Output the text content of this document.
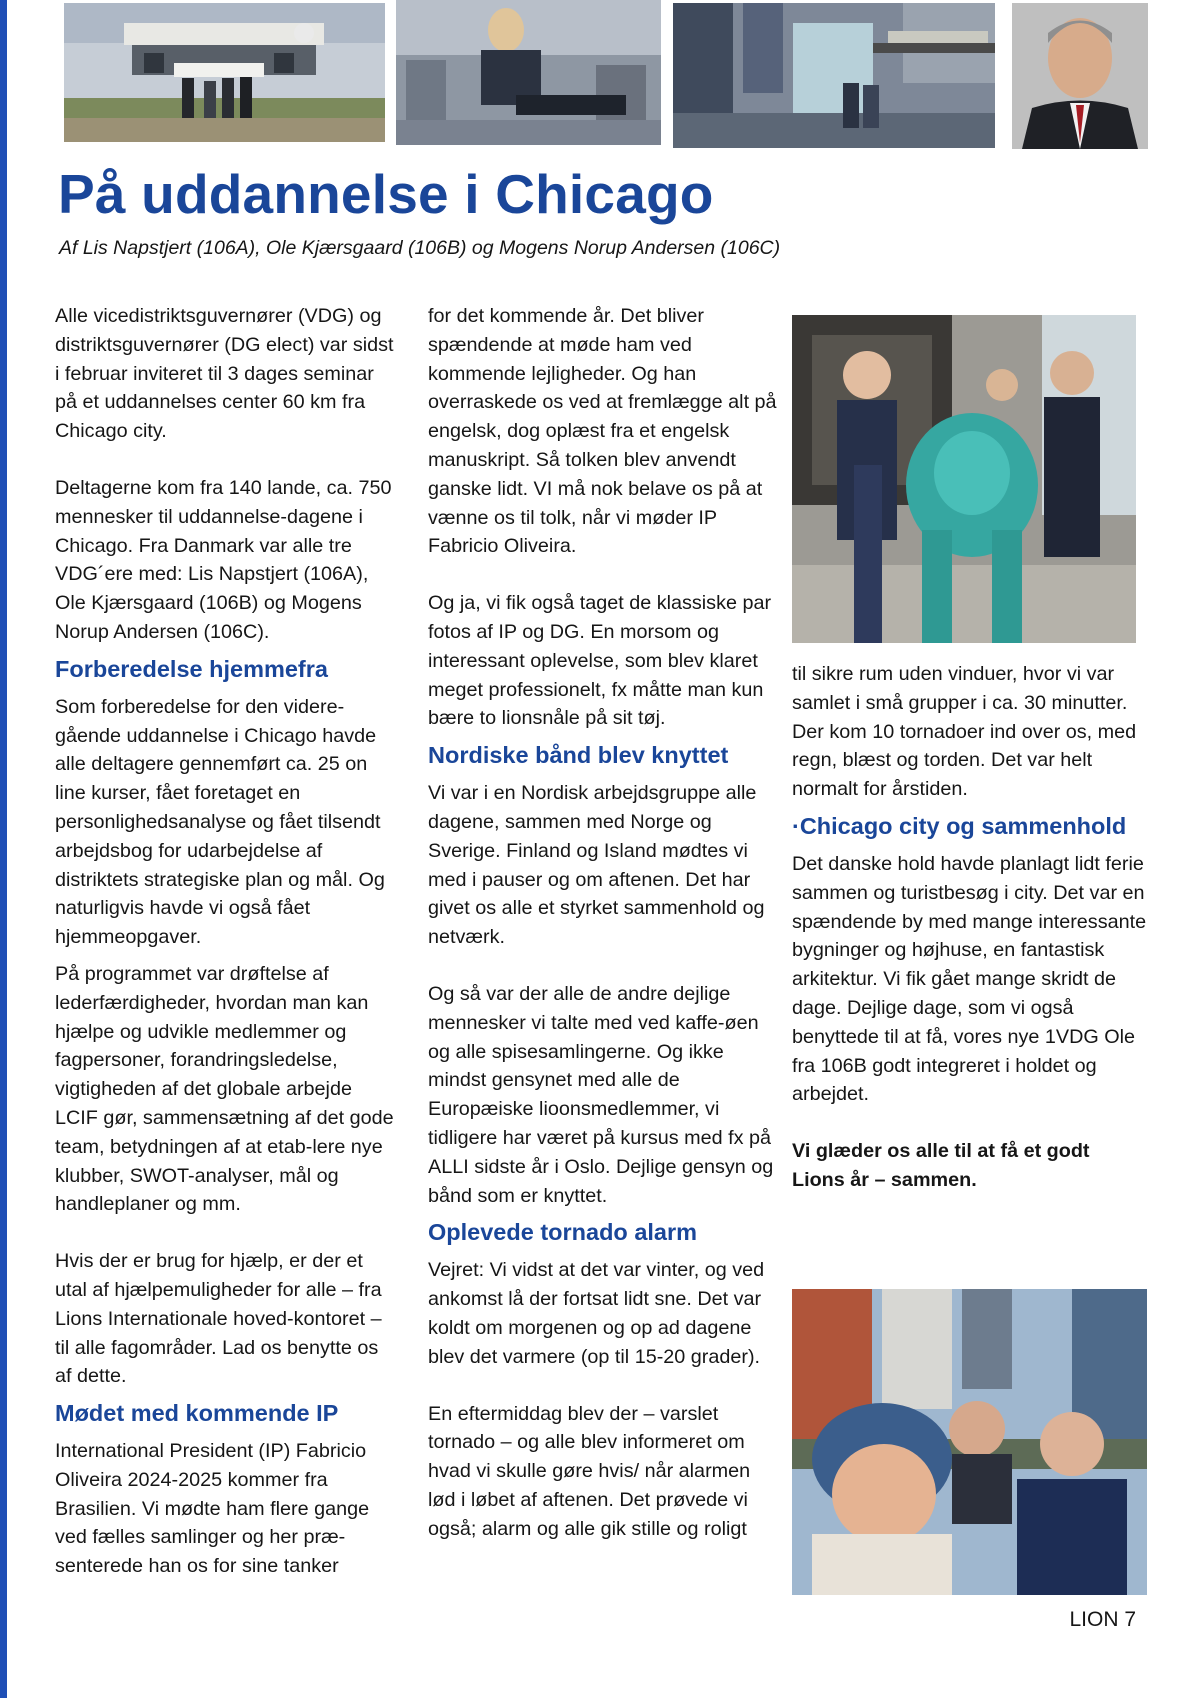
På uddannelse i Chicago

Af Lis Napstjert (106A), Ole Kjærsgaard (106B) og Mogens Norup Andersen (106C)

Alle vicedistriktsguvernører (VDG) og distriktsguvernører (DG elect) var sidst i februar inviteret til 3 dages seminar på et uddannelses center 60 km fra Chicago city.

Deltagerne kom fra 140 lande, ca. 750 mennesker til uddannelse-dagene i Chicago. Fra Danmark var alle tre VDG´ere med: Lis Napstjert (106A), Ole Kjærsgaard (106B) og Mogens Norup Andersen (106C).

Forberedelse hjemmefra

Som forberedelse for den videre-gående uddannelse i Chicago havde alle deltagere gennemført ca. 25 on line kurser, fået foretaget en personlighedsanalyse og fået tilsendt arbejdsbog for udarbejdelse af distriktets strategiske plan og mål. Og naturligvis havde vi også fået hjemmeopgaver.

På programmet var drøftelse af lederfærdigheder, hvordan man kan hjælpe og udvikle medlemmer og fagpersoner, forandringsledelse, vigtigheden af det globale arbejde LCIF gør, sammensætning af det gode team, betydningen af at etab-lere nye klubber, SWOT-analyser, mål og handleplaner og mm.

Hvis der er brug for hjælp, er der et utal af hjælpemuligheder for alle – fra Lions Internationale hoved-kontoret – til alle fagområder. Lad os benytte os af dette.

Mødet med kommende IP

International President (IP) Fabricio Oliveira 2024-2025 kommer fra Brasilien. Vi mødte ham flere gange ved fælles samlinger og her præ-senterede han os for sine tanker

for det kommende år. Det bliver spændende at møde ham ved kommende lejligheder. Og han overraskede os ved at fremlægge alt på engelsk, dog oplæst fra et engelsk manuskript. Så tolken blev anvendt ganske lidt. VI må nok belave os på at vænne os til tolk, når vi møder IP Fabricio Oliveira.

Og ja, vi fik også taget de klassiske par fotos af IP og DG. En morsom og interessant oplevelse, som blev klaret meget professionelt, fx måtte man kun bære to lionsnåle på sit tøj.

Nordiske bånd blev knyttet

Vi var i en Nordisk arbejdsgruppe alle dagene, sammen med Norge og Sverige. Finland og Island mødtes vi med i pauser og om aftenen. Det har givet os alle et styrket sammenhold og netværk.

Og så var der alle de andre dejlige mennesker vi talte med ved kaffe-øen og alle spisesamlingerne. Og ikke mindst gensynet med alle de Europæiske lioonsmedlemmer, vi tidligere har været på kursus med fx på ALLI sidste år i Oslo. Dejlige gensyn og bånd som er knyttet.

Oplevede tornado alarm

Vejret: Vi vidst at det var vinter, og ved ankomst lå der fortsat lidt sne. Det var koldt om morgenen og op ad dagene blev det varmere (op til 15-20 grader).

En eftermiddag blev der – varslet tornado – og alle blev informeret om hvad vi skulle gøre hvis/ når alarmen lød i løbet af aftenen. Det prøvede vi også; alarm og alle gik stille og roligt

til sikre rum uden vinduer, hvor vi var samlet i små grupper i ca. 30 minutter. Der kom 10 tornadoer ind over os, med regn, blæst og torden. Det var helt normalt for årstiden.

·Chicago city og sammenhold

Det danske hold havde planlagt lidt ferie sammen og turistbesøg i city. Det var en spændende by med mange interessante bygninger og højhuse, en fantastisk arkitektur. Vi fik gået mange skridt de dage. Dejlige dage, som vi også benyttede til at få, vores nye 1VDG Ole fra 106B godt integreret i holdet og arbejdet.

Vi glæder os alle til at få et godt Lions år – sammen.

LION 7
